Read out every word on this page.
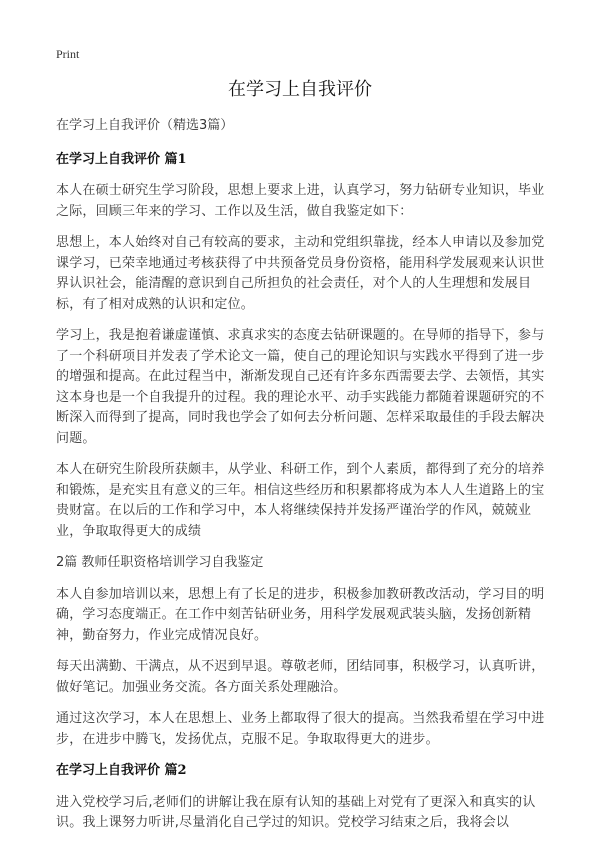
Print
在学习上自我评价

在学习上自我评价（精选3篇）

在学习上自我评价 篇1

本人在硕士研究生学习阶段，思想上要求上进，认真学习，努力钻研专业知识，毕业之际，回顾三年来的学习、工作以及生活，做自我鉴定如下：

思想上，本人始终对自己有较高的要求，主动和党组织靠拢，经本人申请以及参加党课学习，已荣幸地通过考核获得了中共预备党员身份资格，能用科学发展观来认识世界认识社会，能清醒的意识到自己所担负的社会责任，对个人的人生理想和发展目标，有了相对成熟的认识和定位。

学习上，我是抱着谦虚谨慎、求真求实的态度去钻研课题的。在导师的指导下，参与了一个科研项目并发表了学术论文一篇，使自己的理论知识与实践水平得到了进一步的增强和提高。在此过程当中，渐渐发现自己还有许多东西需要去学、去领悟，其实这本身也是一个自我提升的过程。我的理论水平、动手实践能力都随着课题研究的不断深入而得到了提高，同时我也学会了如何去分析问题、怎样采取最佳的手段去解决问题。

本人在研究生阶段所获颇丰，从学业、科研工作，到个人素质，都得到了充分的培养和锻炼，是充实且有意义的三年。相信这些经历和积累都将成为本人人生道路上的宝贵财富。在以后的工作和学习中，本人将继续保持并发扬严谨治学的作风，兢兢业业，争取取得更大的成绩

2篇 教师任职资格培训学习自我鉴定

本人自参加培训以来，思想上有了长足的进步，积极参加教研教改活动，学习目的明确，学习态度端正。在工作中刻苦钻研业务，用科学发展观武装头脑，发扬创新精神，勤奋努力，作业完成情况良好。

每天出满勤、干满点，从不迟到早退。尊敬老师，团结同事，积极学习，认真听讲，做好笔记。加强业务交流。各方面关系处理融洽。

通过这次学习，本人在思想上、业务上都取得了很大的提高。当然我希望在学习中进步，在进步中腾飞，发扬优点，克服不足。争取取得更大的进步。

在学习上自我评价 篇2

进入党校学习后,老师们的讲解让我在原有认知的基础上对党有了更深入和真实的认识。我上课努力听讲,尽量消化自己学过的知识。党校学习结束之后，我将会以
